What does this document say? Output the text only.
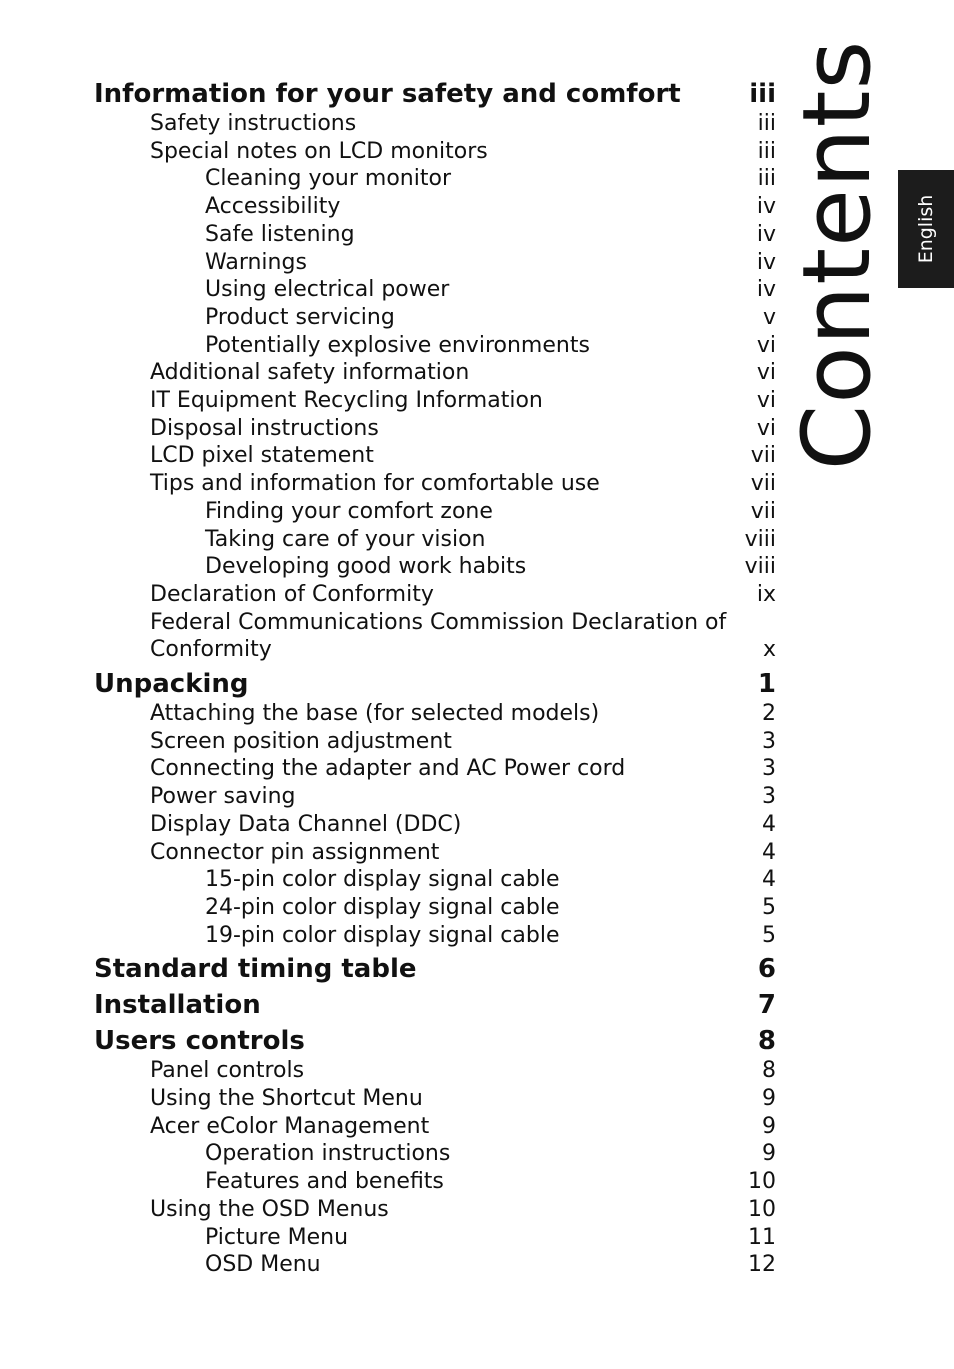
Information for your safety and comfort	iii
Safety instructions	iii
Special notes on LCD monitors	iii
Cleaning your monitor	iii
Accessibility	iv
Safe listening	iv
Warnings	iv
Using electrical power	iv
Product servicing	v
Potentially explosive environments	vi
Additional safety information	vi
IT Equipment Recycling Information	vi
Disposal instructions	vi
LCD pixel statement	vii
Tips and information for comfortable use	vii
Finding your comfort zone	vii
Taking care of your vision	viii
Developing good work habits	viii
Declaration of Conformity	ix
Federal Communications Commission Declaration of
Conformity	x
Unpacking	1
Attaching the base (for selected models)	2
Screen position adjustment	3
Connecting the adapter and AC Power cord	3
Power saving	3
Display Data Channel (DDC)	4
Connector pin assignment	4
15-pin color display signal cable	4
24-pin color display signal cable	5
19-pin color display signal cable	5
Standard timing table	6
Installation	7
Users controls	8
Panel controls	8
Using the Shortcut Menu	9
Acer eColor Management	9
Operation instructions	9
Features and benefits	10
Using the OSD Menus	10
Picture Menu	11
OSD Menu	12
Contents English
